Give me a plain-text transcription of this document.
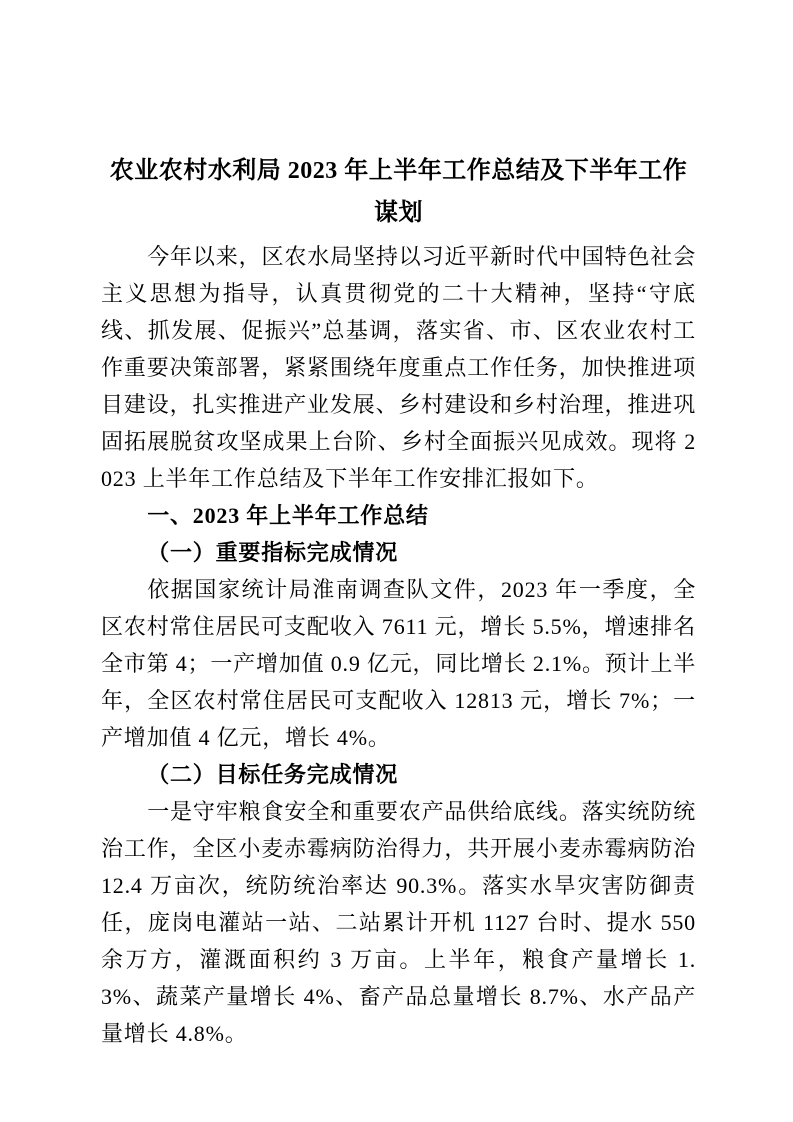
农业农村水利局 2023 年上半年工作总结及下半年工作谋划

今年以来，区农水局坚持以习近平新时代中国特色社会主义思想为指导，认真贯彻党的二十大精神，坚持“守底线、抓发展、促振兴”总基调，落实省、市、区农业农村工作重要决策部署，紧紧围绕年度重点工作任务，加快推进项目建设，扎实推进产业发展、乡村建设和乡村治理，推进巩固拓展脱贫攻坚成果上台阶、乡村全面振兴见成效。现将 2023 上半年工作总结及下半年工作安排汇报如下。

一、2023 年上半年工作总结
（一）重要指标完成情况

依据国家统计局淮南调查队文件，2023 年一季度，全区农村常住居民可支配收入 7611 元，增长 5.5%，增速排名全市第 4；一产增加值 0.9 亿元，同比增长 2.1%。预计上半年，全区农村常住居民可支配收入 12813 元，增长 7%；一产增加值 4 亿元，增长 4%。

（二）目标任务完成情况

一是守牢粮食安全和重要农产品供给底线。落实统防统治工作，全区小麦赤霉病防治得力，共开展小麦赤霉病防治 12.4 万亩次，统防统治率达 90.3%。落实水旱灾害防御责任，庞岗电灌站一站、二站累计开机 1127 台时、提水 550 余万方，灌溉面积约 3 万亩。上半年，粮食产量增长 1.3%、蔬菜产量增长 4%、畜产品总量增长 8.7%、水产品产量增长 4.8%。
